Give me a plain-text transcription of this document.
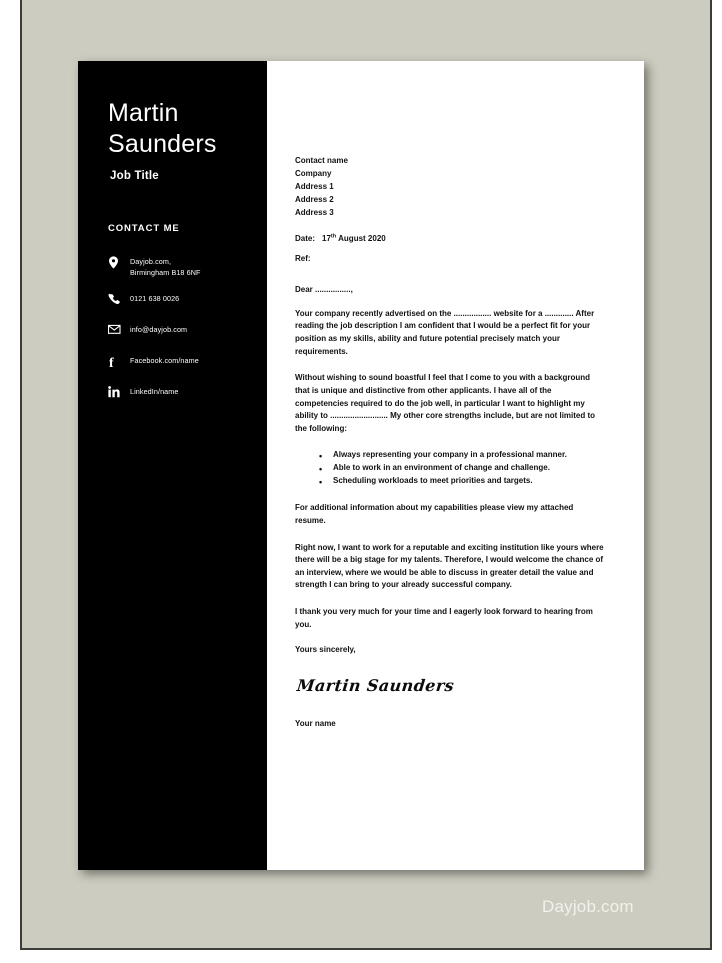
Martin
Saunders
Job Title
CONTACT ME
Dayjob.com,
Birmingham B18 6NF
0121 638 0026
info@dayjob.com
f Facebook.com/name
LinkedIn/name
Contact name
Company
Address 1
Address 2
Address 3
Date: 17th August 2020
Ref:
Dear ................,

Your company recently advertised on the ................. website for a ............. After reading the job description I am confident that I would be a perfect fit for your position as my skills, ability and future potential precisely match your requirements.

Without wishing to sound boastful I feel that I come to you with a background that is unique and distinctive from other applicants. I have all of the competencies required to do the job well, in particular I want to highlight my ability to .......................... My other core strengths include, but are not limited to the following:

• Always representing your company in a professional manner.
• Able to work in an environment of change and challenge.
• Scheduling workloads to meet priorities and targets.

For additional information about my capabilities please view my attached resume.

Right now, I want to work for a reputable and exciting institution like yours where there will be a big stage for my talents. Therefore, I would welcome the chance of an interview, where we would be able to discuss in greater detail the value and strength I can bring to your already successful company.

I thank you very much for your time and I eagerly look forward to hearing from you.

Yours sincerely,
Martin Saunders
Your name
Dayjob.com
